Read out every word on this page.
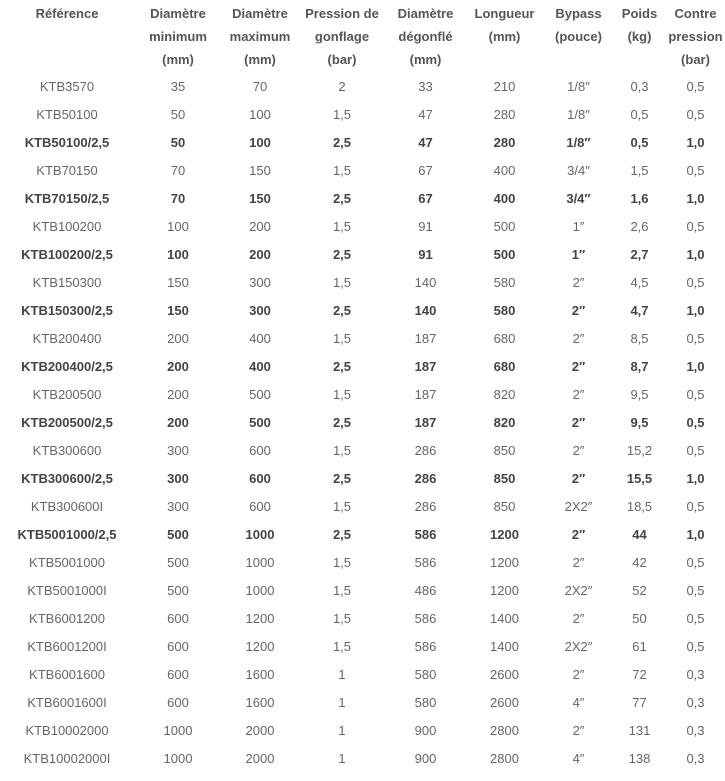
Référence	Diamètre
minimum
(mm)	Diamètre
maximum
(mm)	Pression de
gonflage
(bar)	Diamètre
dégonflé
(mm)	Longueur
(mm)	Bypass
(pouce)	Poids
(kg)	Contre
pression
(bar)

KTB3570	35	70	2	33	210	1/8″	0,3	0,5
KTB50100	50	100	1,5	47	280	1/8″	0,5	0,5
KTB50100/2,5	50	100	2,5	47	280	1/8″	0,5	1,0
KTB70150	70	150	1,5	67	400	3/4″	1,5	0,5
KTB70150/2,5	70	150	2,5	67	400	3/4″	1,6	1,0
KTB100200	100	200	1,5	91	500	1″	2,6	0,5
KTB100200/2,5	100	200	2,5	91	500	1″	2,7	1,0
KTB150300	150	300	1,5	140	580	2″	4,5	0,5
KTB150300/2,5	150	300	2,5	140	580	2″	4,7	1,0
KTB200400	200	400	1,5	187	680	2″	8,5	0,5
KTB200400/2,5	200	400	2,5	187	680	2″	8,7	1,0
KTB200500	200	500	1,5	187	820	2″	9,5	0,5
KTB200500/2,5	200	500	2,5	187	820	2″	9,5	0,5
KTB300600	300	600	1,5	286	850	2″	15,2	0,5
KTB300600/2,5	300	600	2,5	286	850	2″	15,5	1,0
KTB300600I	300	600	1,5	286	850	2X2″	18,5	0,5
KTB5001000/2,5	500	1000	2,5	586	1200	2″	44	1,0
KTB5001000	500	1000	1,5	586	1200	2″	42	0,5
KTB5001000I	500	1000	1,5	486	1200	2X2″	52	0,5
KTB6001200	600	1200	1,5	586	1400	2″	50	0,5
KTB6001200I	600	1200	1,5	586	1400	2X2″	61	0,5
KTB6001600	600	1600	1	580	2600	2″	72	0,3
KTB6001600I	600	1600	1	580	2600	4″	77	0,3
KTB10002000	1000	2000	1	900	2800	2″	131	0,3
KTB10002000I	1000	2000	1	900	2800	4″	138	0,3
